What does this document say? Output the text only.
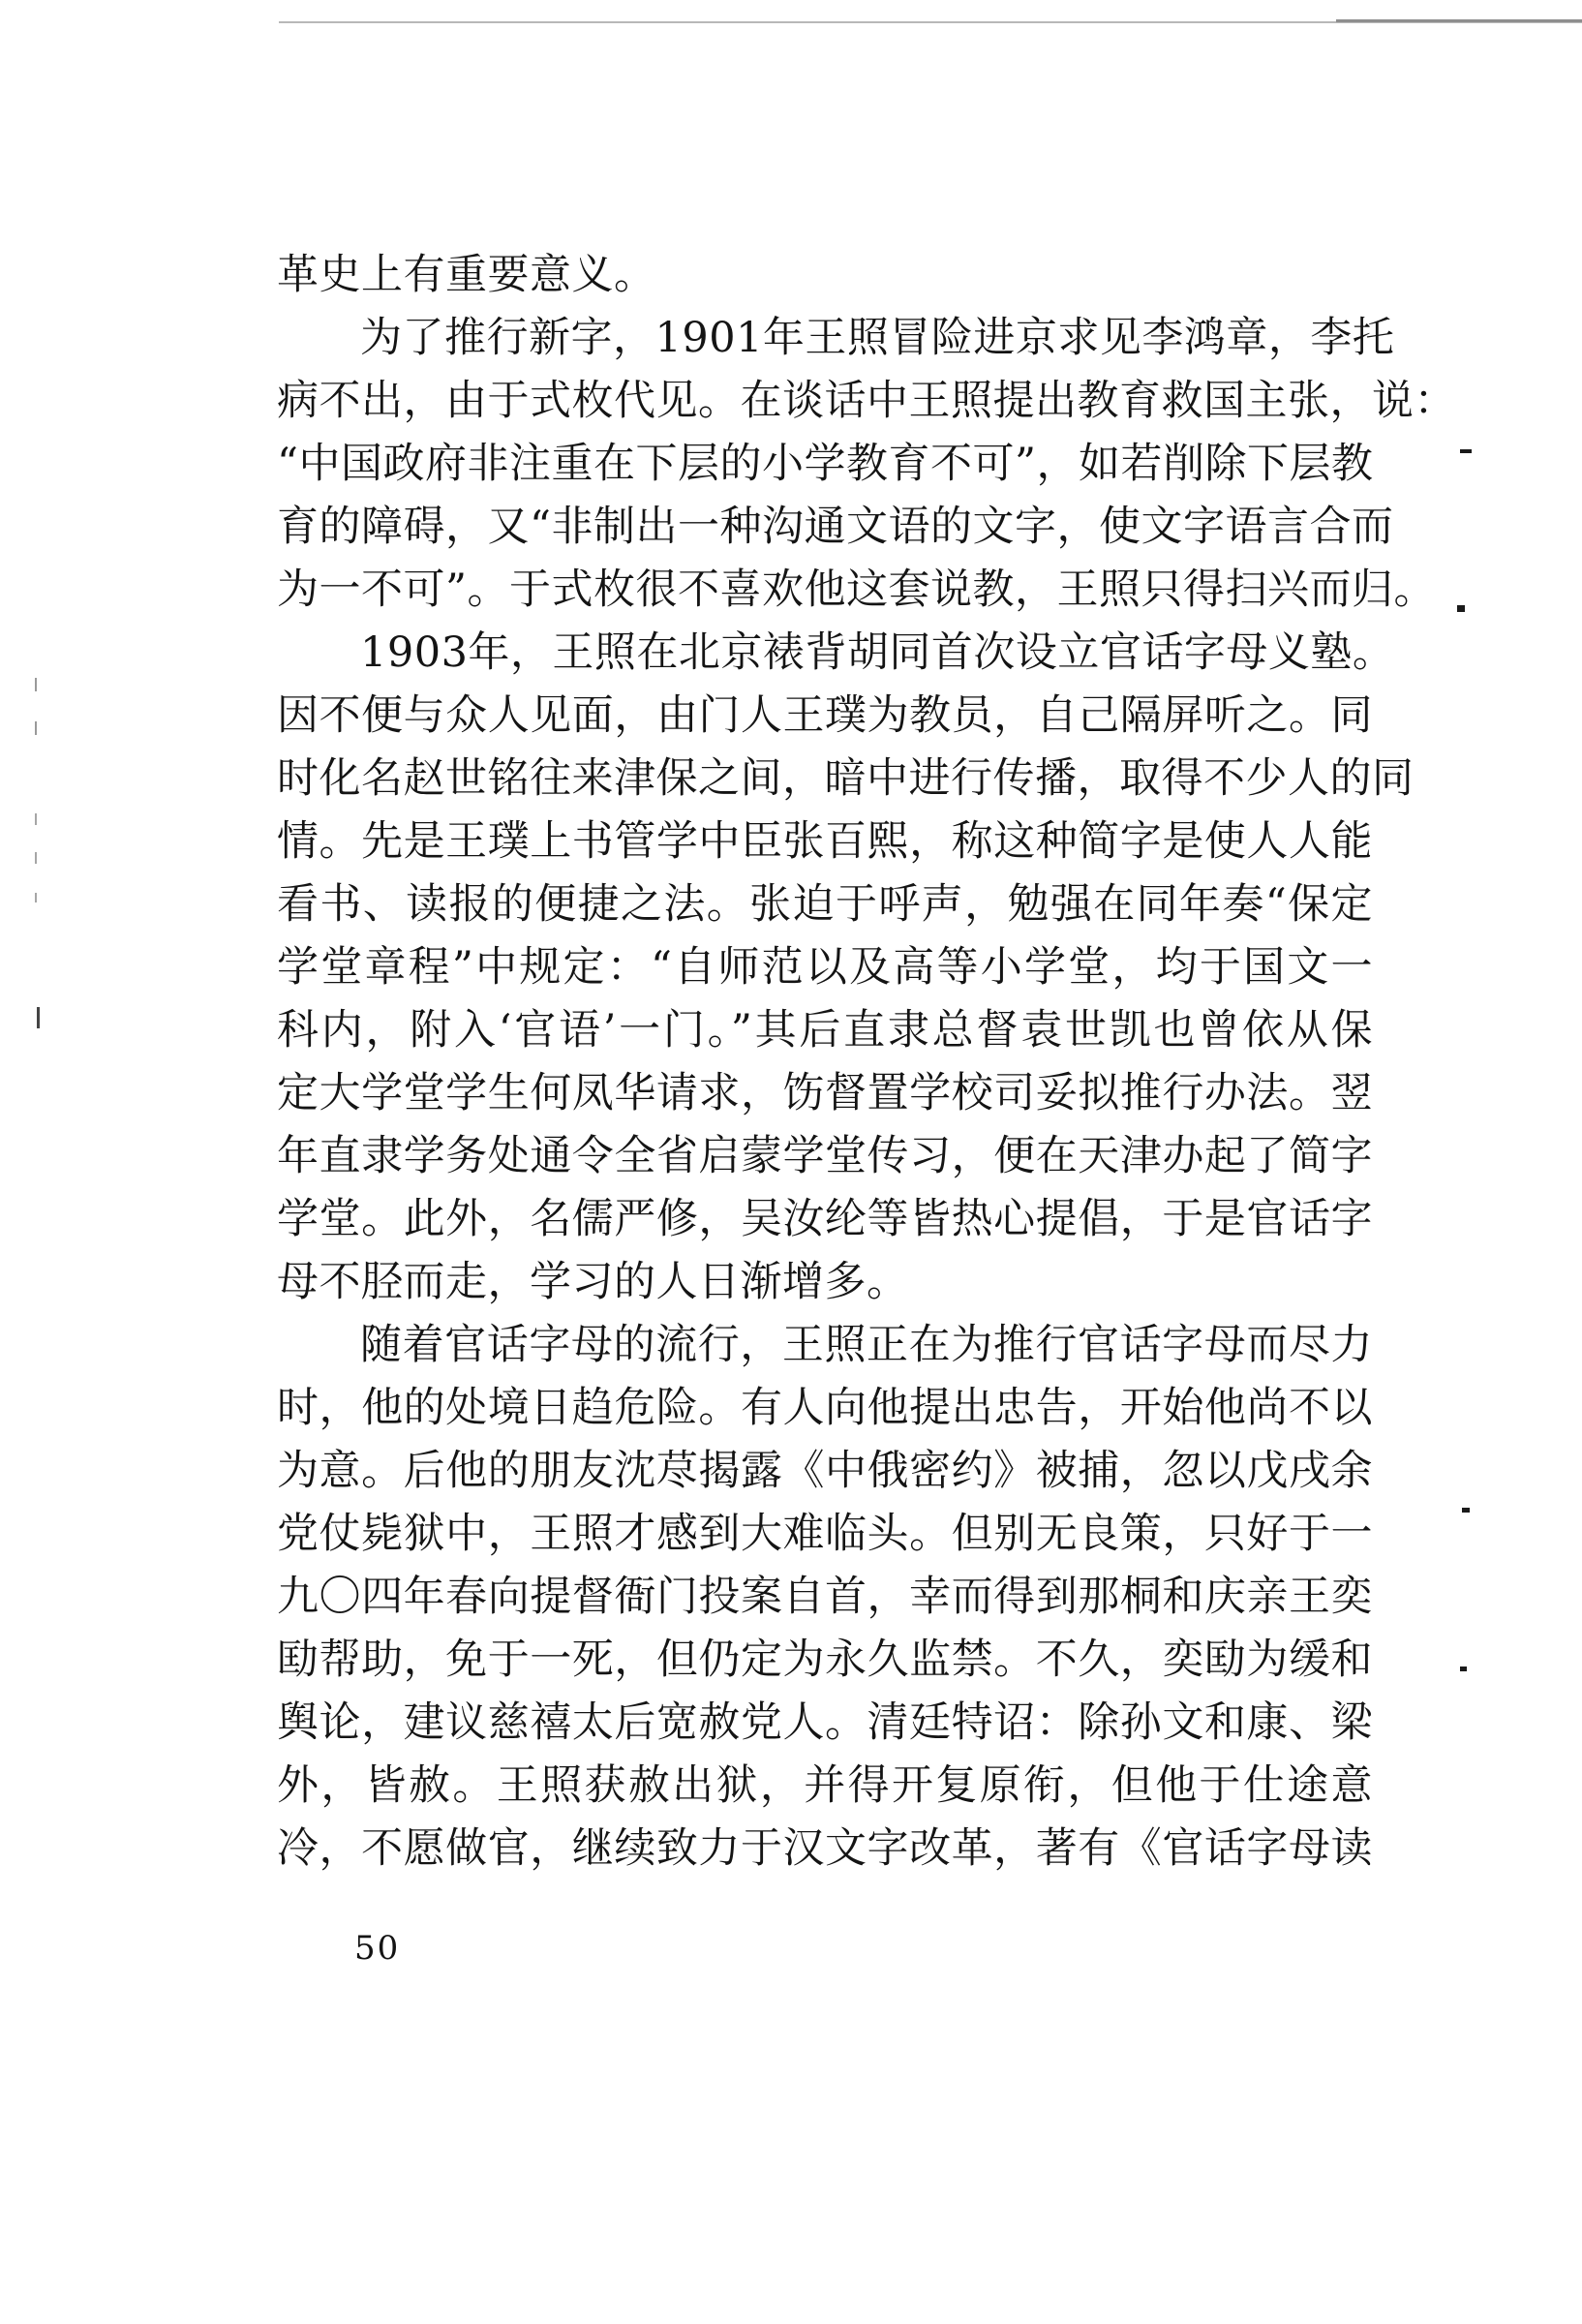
革史上有重要意义。
为了推行新字，1901年王照冒险进京求见李鸿章，李托
病不出，由于式枚代见。在谈话中王照提出教育救国主张，说：
“中国政府非注重在下层的小学教育不可”，如若削除下层教
育的障碍，又“非制出一种沟通文语的文字，使文字语言合而
为一不可”。于式枚很不喜欢他这套说教，王照只得扫兴而归。
1903年，王照在北京裱背胡同首次设立官话字母义塾。
因不便与众人见面，由门人王璞为教员，自己隔屏听之。同
时化名赵世铭往来津保之间，暗中进行传播，取得不少人的同
情。先是王璞上书管学中臣张百熙，称这种简字是使人人能
看书、读报的便捷之法。张迫于呼声，勉强在同年奏“保定
学堂章程”中规定：“自师范以及高等小学堂，均于国文一
科内，附入‘官语’一门。”其后直隶总督袁世凯也曾依从保
定大学堂学生何凤华请求，饬督置学校司妥拟推行办法。翌
年直隶学务处通令全省启蒙学堂传习，便在天津办起了简字
学堂。此外，名儒严修，吴汝纶等皆热心提倡，于是官话字
母不胫而走，学习的人日渐增多。
随着官话字母的流行，王照正在为推行官话字母而尽力
时，他的处境日趋危险。有人向他提出忠告，开始他尚不以
为意。后他的朋友沈荩揭露《中俄密约》被捕，忽以戊戌余
党仗毙狱中，王照才感到大难临头。但别无良策，只好于一
九〇四年春向提督衙门投案自首，幸而得到那桐和庆亲王奕
劻帮助，免于一死，但仍定为永久监禁。不久，奕劻为缓和
舆论，建议慈禧太后宽赦党人。清廷特诏：除孙文和康、梁
外，皆赦。王照获赦出狱，并得开复原衔，但他于仕途意
冷，不愿做官，继续致力于汉文字改革，著有《官话字母读
50
